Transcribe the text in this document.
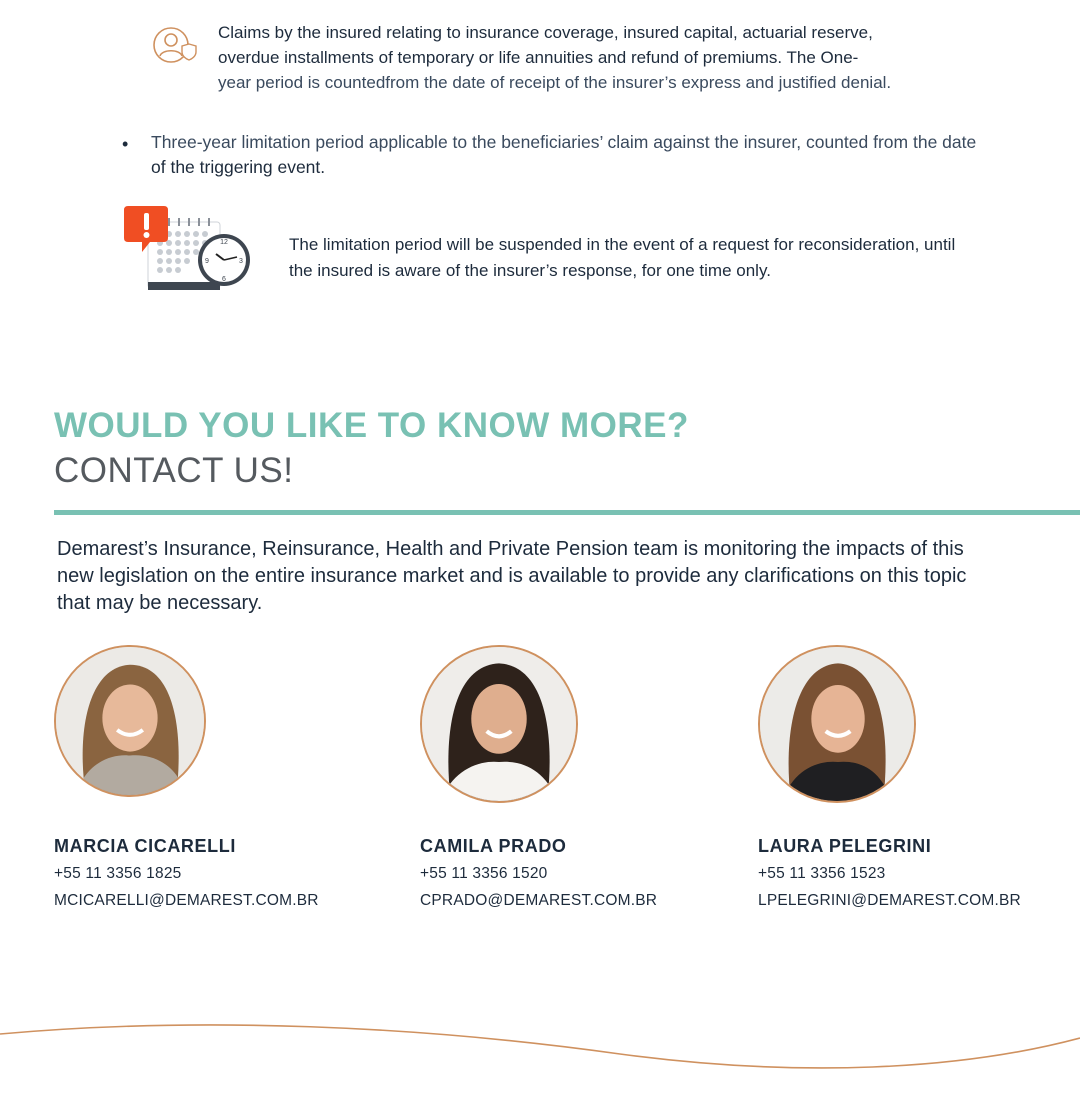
Claims by the insured relating to insurance coverage, insured capital, actuarial reserve,
overdue installments of temporary or life annuities and refund of premiums. The One-
year period is countedfrom the date of receipt of the insurer’s express and justified denial.
• Three-year limitation period applicable to the beneficiaries’ claim against the insurer, counted from the date
of the triggering event.
12
3
6
9
The limitation period will be suspended in the event of a request for reconsideration, until
the insured is aware of the insurer’s response, for one time only.
WOULD YOU LIKE TO KNOW MORE?
CONTACT US!
Demarest’s Insurance, Reinsurance, Health and Private Pension team is monitoring the impacts of this
new legislation on the entire insurance market and is available to provide any clarifications on this topic
that may be necessary.
MARCIA CICARELLI
+55 11 3356 1825
MCICARELLI@DEMAREST.COM.BR
CAMILA PRADO
+55 11 3356 1520
CPRADO@DEMAREST.COM.BR
LAURA PELEGRINI
+55 11 3356 1523
LPELEGRINI@DEMAREST.COM.BR
